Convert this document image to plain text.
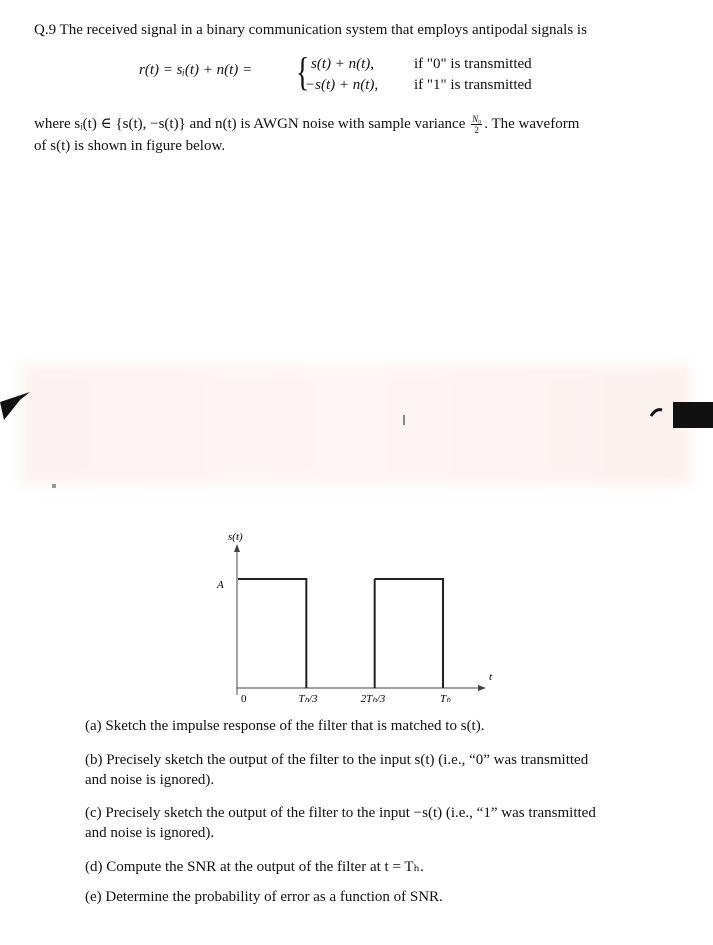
Q.9 The received signal in a binary communication system that employs antipodal signals is
r(t) = sᵢ(t) + n(t) = { s(t) + n(t),	if "0" is transmitted
−s(t) + n(t), if "1" is transmitted
where sᵢ(t) ∈ {s(t), −s(t)} and n(t) is AWGN noise with sample variance $\frac{\text{N₀}}{2}$ . The waveform
of s(t) is shown in figure below.
s(t)
t
A
0	Tₕ/3	2Tₕ/3	Tₕ
(a) Sketch the impulse response of the filter that is matched to s(t).
(b) Precisely sketch the output of the filter to the input s(t) (i.e., “0” was transmitted
and noise is ignored).
(c) Precisely sketch the output of the filter to the input −s(t) (i.e., “1” was transmitted
and noise is ignored).
(d) Compute the SNR at the output of the filter at t = Tₕ.
(e) Determine the probability of error as a function of SNR.
